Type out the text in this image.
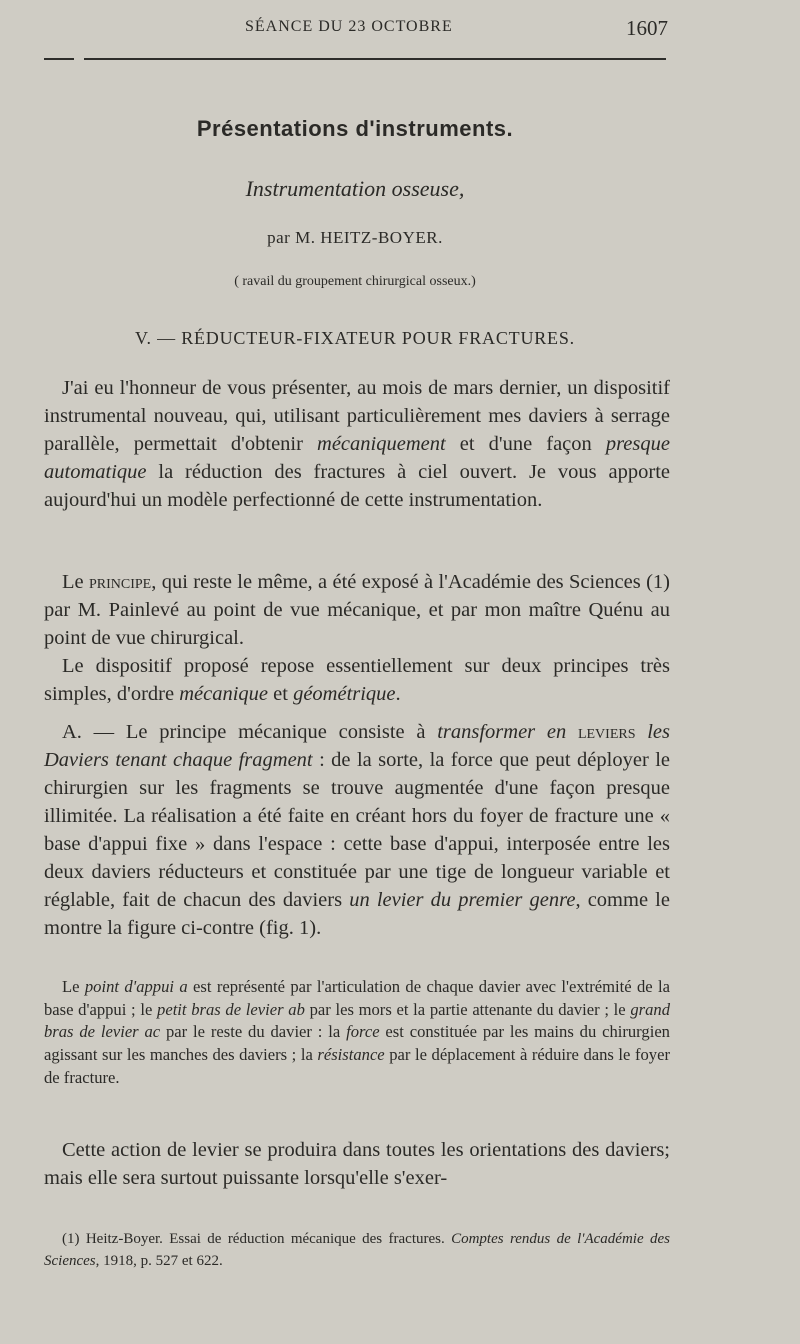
SÉANCE DU 23 OCTOBRE	1607
Présentations d'instruments.
Instrumentation osseuse,
par M. HEITZ-BOYER.
( ravail du groupement chirurgical osseux.)
V. — RÉDUCTEUR-FIXATEUR POUR FRACTURES.

J'ai eu l'honneur de vous présenter, au mois de mars dernier, un dispositif instrumental nouveau, qui, utilisant particulièrement mes daviers à serrage parallèle, permettait d'obtenir mécaniquement et d'une façon presque automatique la réduction des fractures à ciel ouvert. Je vous apporte aujourd'hui un modèle perfectionné de cette instrumentation.

Le principe, qui reste le même, a été exposé à l'Académie des Sciences (1) par M. Painlevé au point de vue mécanique, et par mon maître Quénu au point de vue chirurgical.

Le dispositif proposé repose essentiellement sur deux principes très simples, d'ordre mécanique et géométrique.

A. — Le principe mécanique consiste à transformer en leviers les Daviers tenant chaque fragment : de la sorte, la force que peut déployer le chirurgien sur les fragments se trouve augmentée d'une façon presque illimitée. La réalisation a été faite en créant hors du foyer de fracture une « base d'appui fixe » dans l'espace : cette base d'appui, interposée entre les deux daviers réducteurs et constituée par une tige de longueur variable et réglable, fait de chacun des daviers un levier du premier genre, comme le montre la figure ci-contre (fig. 1).

Le point d'appui a est représenté par l'articulation de chaque davier avec l'extrémité de la base d'appui ; le petit bras de levier ab par les mors et la partie attenante du davier ; le grand bras de levier ac par le reste du davier : la force est constituée par les mains du chirurgien agissant sur les manches des daviers ; la résistance par le déplacement à réduire dans le foyer de fracture.

Cette action de levier se produira dans toutes les orientations des daviers; mais elle sera surtout puissante lorsqu'elle s'exer-

(1) Heitz-Boyer. Essai de réduction mécanique des fractures. Comptes rendus de l'Académie des Sciences, 1918, p. 527 et 622.
